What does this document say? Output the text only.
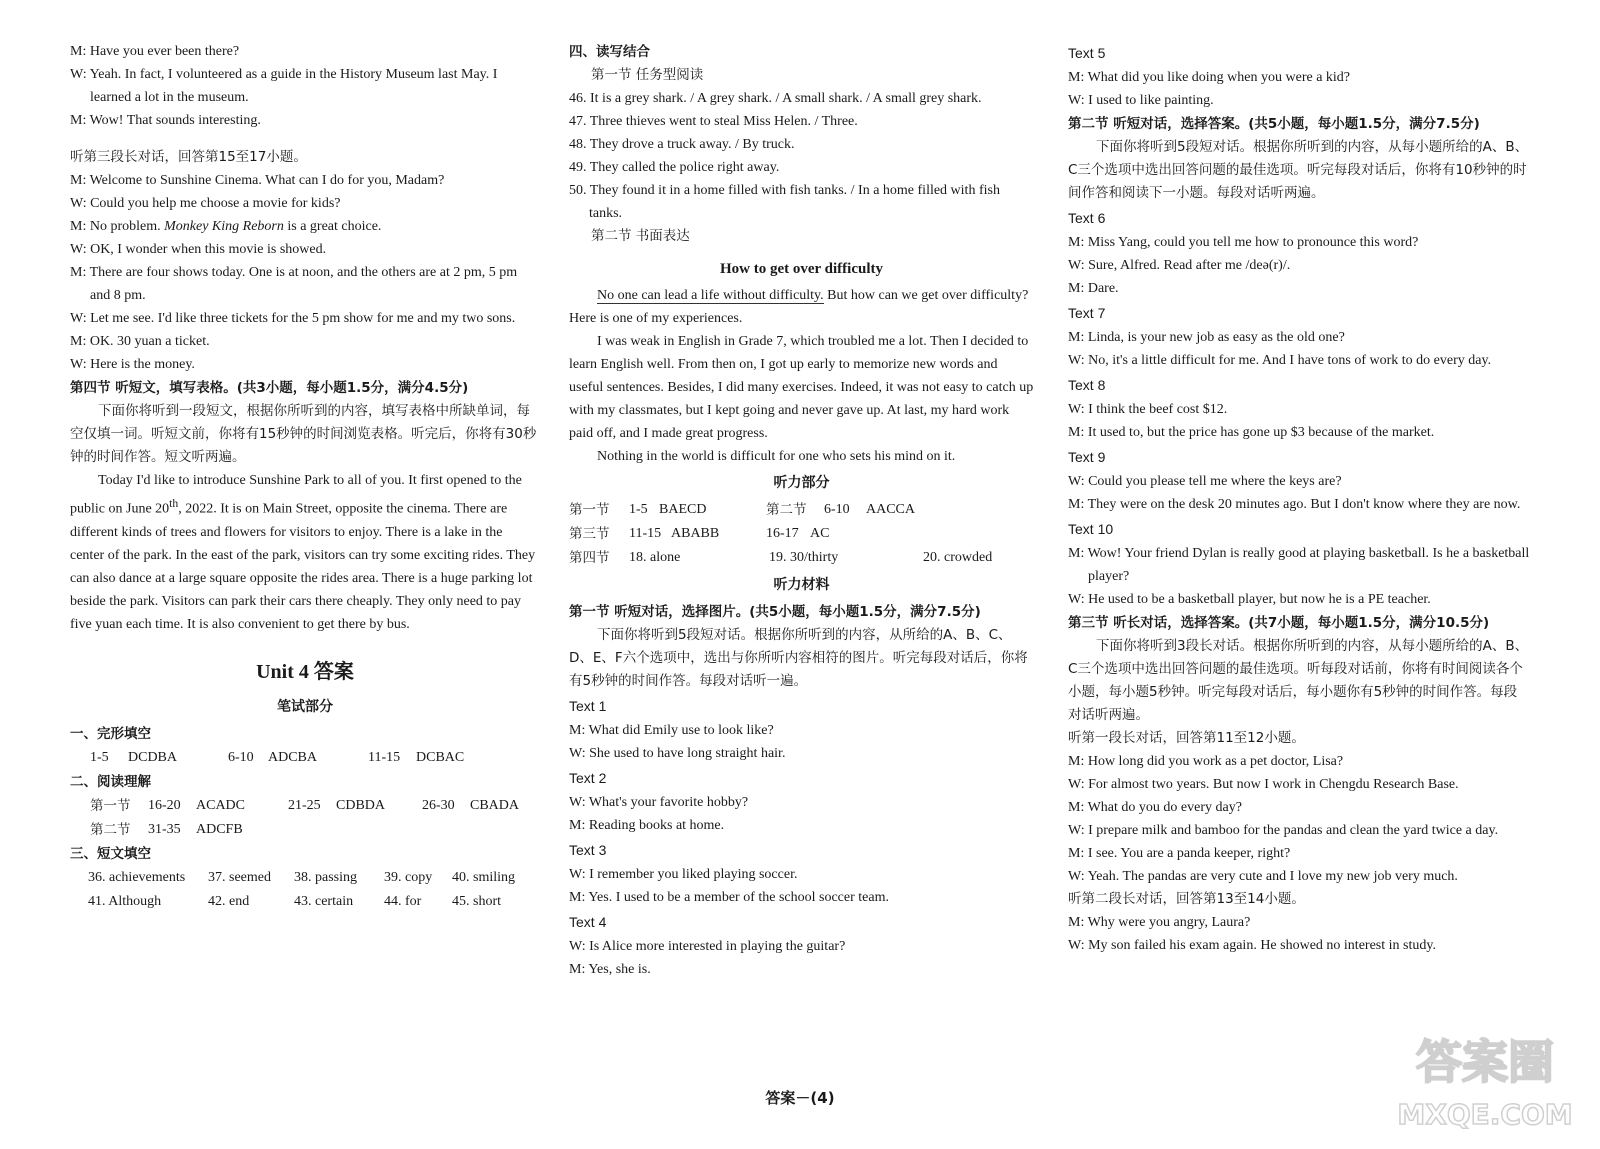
M: Have you ever been there?

W: Yeah. In fact, I volunteered as a guide in the History Museum last May. I learned a lot in the museum.

M: Wow! That sounds interesting.

听第三段长对话，回答第15至17小题。

M: Welcome to Sunshine Cinema. What can I do for you, Madam?

W: Could you help me choose a movie for kids?

M: No problem. Monkey King Reborn is a great choice.

W: OK, I wonder when this movie is showed.

M: There are four shows today. One is at noon, and the others are at 2 pm, 5 pm and 8 pm.

W: Let me see. I'd like three tickets for the 5 pm show for me and my two sons.

M: OK. 30 yuan a ticket.

W: Here is the money.

第四节 听短文，填写表格。(共3小题，每小题1.5分，满分4.5分)

下面你将听到一段短文，根据你所听到的内容，填写表格中所缺单词，每空仅填一词。听短文前，你将有15秒钟的时间浏览表格。听完后，你将有30秒钟的时间作答。短文听两遍。

Today I'd like to introduce Sunshine Park to all of you. It first opened to the public on June 20th, 2022. It is on Main Street, opposite the cinema. There are different kinds of trees and flowers for visitors to enjoy. There is a lake in the center of the park. In the east of the park, visitors can try some exciting rides. They can also dance at a large square opposite the rides area. There is a huge parking lot beside the park. Visitors can park their cars there cheaply. They only need to pay five yuan each time. It is also convenient to get there by bus.

Unit 4 答案

笔试部分

一、完形填空

1-5	DCDBA	6-10	ADCBA	11-15	DCBAC

二、阅读理解

第一节	16-20	ACADC	21-25	CDBDA	26-30	CBADA
第二节	31-35	ADCFB

三、短文填空

36. achievements	37. seemed	38. passing	39. copy	40. smiling
41. Although	42. end	43. certain	44. for	45. short

四、读写结合

第一节 任务型阅读

46. It is a grey shark. / A grey shark. / A small shark. / A small grey shark.

47. Three thieves went to steal Miss Helen. / Three.

48. They drove a truck away. / By truck.

49. They called the police right away.

50. They found it in a home filled with fish tanks. / In a home filled with fish tanks.

第二节 书面表达

How to get over difficulty

No one can lead a life without difficulty. But how can we get over difficulty? Here is one of my experiences.

I was weak in English in Grade 7, which troubled me a lot. Then I decided to learn English well. From then on, I got up early to memorize new words and useful sentences. Besides, I did many exercises. Indeed, it was not easy to catch up with my classmates, but I kept going and never gave up. At last, my hard work paid off, and I made great progress.

Nothing in the world is difficult for one who sets his mind on it.

听力部分

第一节	1-5 BAECD	第二节	6-10	AACCA
第三节	11-15 ABABB	16-17 AC
第四节	18. alone	19. 30/thirty	20. crowded

听力材料

第一节 听短对话，选择图片。(共5小题，每小题1.5分，满分7.5分)

下面你将听到5段短对话。根据你所听到的内容，从所给的A、B、C、D、E、F六个选项中，选出与你所听内容相符的图片。听完每段对话后，你将有5秒钟的时间作答。每段对话听一遍。

Text 1

M: What did Emily use to look like?

W: She used to have long straight hair.

Text 2

W: What's your favorite hobby?

M: Reading books at home.

Text 3

W: I remember you liked playing soccer.

M: Yes. I used to be a member of the school soccer team.

Text 4

W: Is Alice more interested in playing the guitar?

M: Yes, she is.

Text 5

M: What did you like doing when you were a kid?

W: I used to like painting.

第二节 听短对话，选择答案。(共5小题，每小题1.5分，满分7.5分)

下面你将听到5段短对话。根据你所听到的内容，从每小题所给的A、B、C三个选项中选出回答问题的最佳选项。听完每段对话后，你将有10秒钟的时间作答和阅读下一小题。每段对话听两遍。

Text 6

M: Miss Yang, could you tell me how to pronounce this word?

W: Sure, Alfred. Read after me /deə(r)/.

M: Dare.

Text 7

M: Linda, is your new job as easy as the old one?

W: No, it's a little difficult for me. And I have tons of work to do every day.

Text 8

W: I think the beef cost $12.

M: It used to, but the price has gone up $3 because of the market.

Text 9

W: Could you please tell me where the keys are?

M: They were on the desk 20 minutes ago. But I don't know where they are now.

Text 10

M: Wow! Your friend Dylan is really good at playing basketball. Is he a basketball player?

W: He used to be a basketball player, but now he is a PE teacher.

第三节 听长对话，选择答案。(共7小题，每小题1.5分，满分10.5分)

下面你将听到3段长对话。根据你所听到的内容，从每小题所给的A、B、C三个选项中选出回答问题的最佳选项。听每段对话前，你将有时间阅读各个小题，每小题5秒钟。听完每段对话后，每小题你有5秒钟的时间作答。每段对话听两遍。

听第一段长对话，回答第11至12小题。

M: How long did you work as a pet doctor, Lisa?

W: For almost two years. But now I work in Chengdu Research Base.

M: What do you do every day?

W: I prepare milk and bamboo for the pandas and clean the yard twice a day.

M: I see. You are a panda keeper, right?

W: Yeah. The pandas are very cute and I love my new job very much.

听第二段长对话，回答第13至14小题。

M: Why were you angry, Laura?

W: My son failed his exam again. He showed no interest in study.

答案－(4)
答案圈
MXQE.COM
